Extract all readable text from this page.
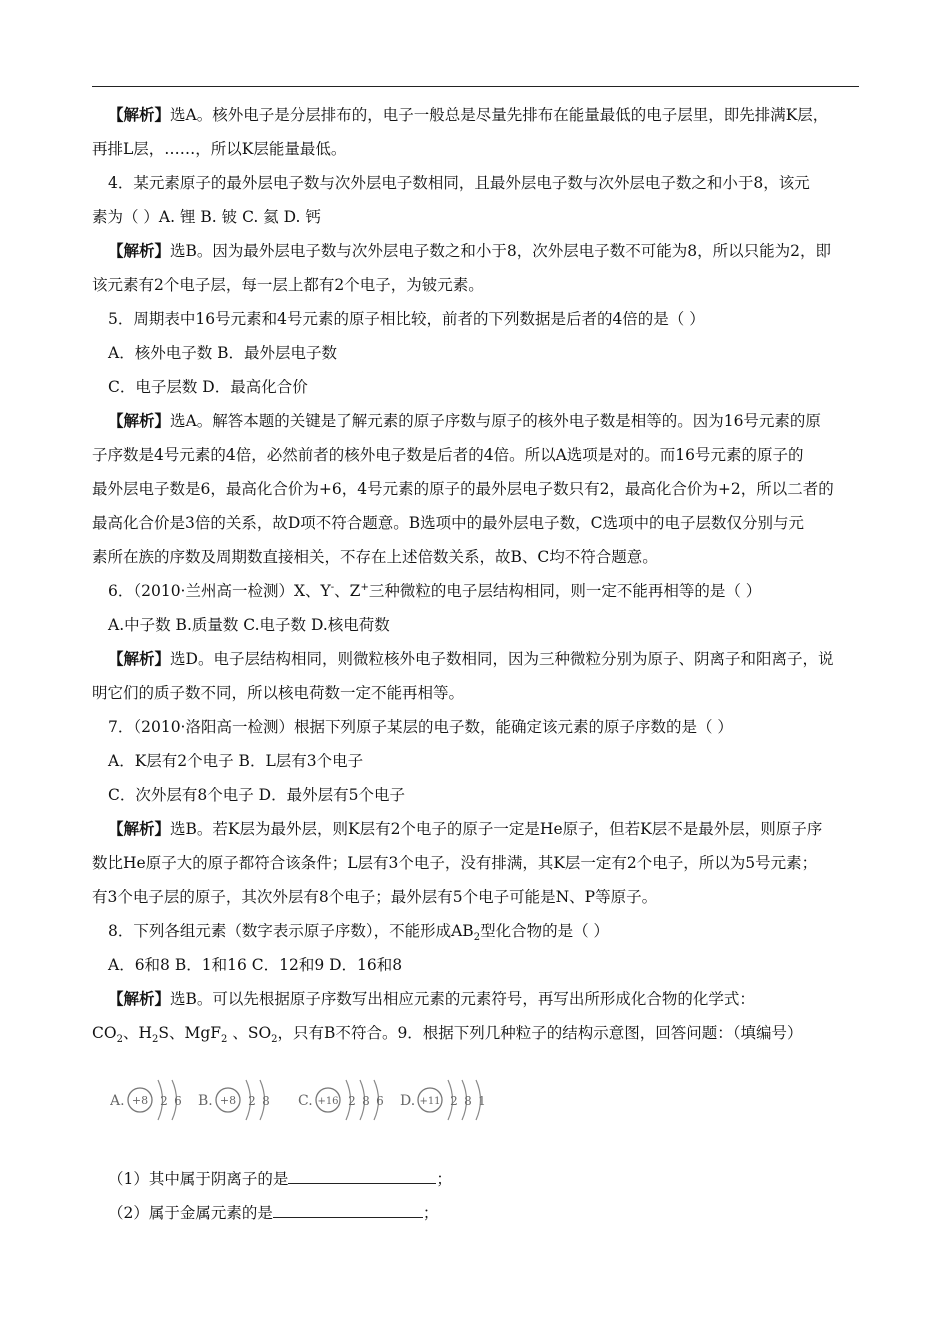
【解析】选A。核外电子是分层排布的，电子一般总是尽量先排布在能量最低的电子层里，即先排满K层，

再排L层，……，所以K层能量最低。

4．某元素原子的最外层电子数与次外层电子数相同，且最外层电子数与次外层电子数之和小于8，该元

素为（ ）A. 锂 B. 铍 C. 氦 D. 钙

【解析】选B。因为最外层电子数与次外层电子数之和小于8，次外层电子数不可能为8，所以只能为2，即

该元素有2个电子层，每一层上都有2个电子，为铍元素。

5．周期表中16号元素和4号元素的原子相比较，前者的下列数据是后者的4倍的是（ ）

A．核外电子数 B．最外层电子数

C．电子层数 D．最高化合价

【解析】选A。解答本题的关键是了解元素的原子序数与原子的核外电子数是相等的。因为16号元素的原

子序数是4号元素的4倍，必然前者的核外电子数是后者的4倍。所以A选项是对的。而16号元素的原子的

最外层电子数是6，最高化合价为+6，4号元素的原子的最外层电子数只有2，最高化合价为+2，所以二者的

最高化合价是3倍的关系，故D项不符合题意。B选项中的最外层电子数，C选项中的电子层数仅分别与元

素所在族的序数及周期数直接相关，不存在上述倍数关系，故B、C均不符合题意。

6．（2010·兰州高一检测）X、Y-、Z+三种微粒的电子层结构相同，则一定不能再相等的是（ ）

A.中子数 B.质量数 C.电子数 D.核电荷数

【解析】选D。电子层结构相同，则微粒核外电子数相同，因为三种微粒分别为原子、阴离子和阳离子，说

明它们的质子数不同，所以核电荷数一定不能再相等。

7．（2010·洛阳高一检测）根据下列原子某层的电子数，能确定该元素的原子序数的是（ ）

A．K层有2个电子 B．L层有3个电子

C．次外层有8个电子 D．最外层有5个电子

【解析】选B。若K层为最外层，则K层有2个电子的原子一定是He原子，但若K层不是最外层，则原子序

数比He原子大的原子都符合该条件；L层有3个电子，没有排满，其K层一定有2个电子，所以为5号元素；

有3个电子层的原子，其次外层有8个电子；最外层有5个电子可能是N、P等原子。

8．下列各组元素（数字表示原子序数），不能形成$AB_2$型化合物的是（ ）

A．6和8 B．1和16 C．12和9 D．16和8

【解析】选B。可以先根据原子序数写出相应元素的元素符号，再写出所形成化合物的化学式：

$CO_2$、$H_2S$、MgF$_2$ 、$SO_2$，只有B不符合。9．根据下列几种粒子的结构示意图，回答问题：（填编号）

A. +8 2 6 B. +8 2 8 C. +16 2 8 6 D. +11 2 8 1

（1）其中属于阴离子的是	；

（2）属于金属元素的是	；
